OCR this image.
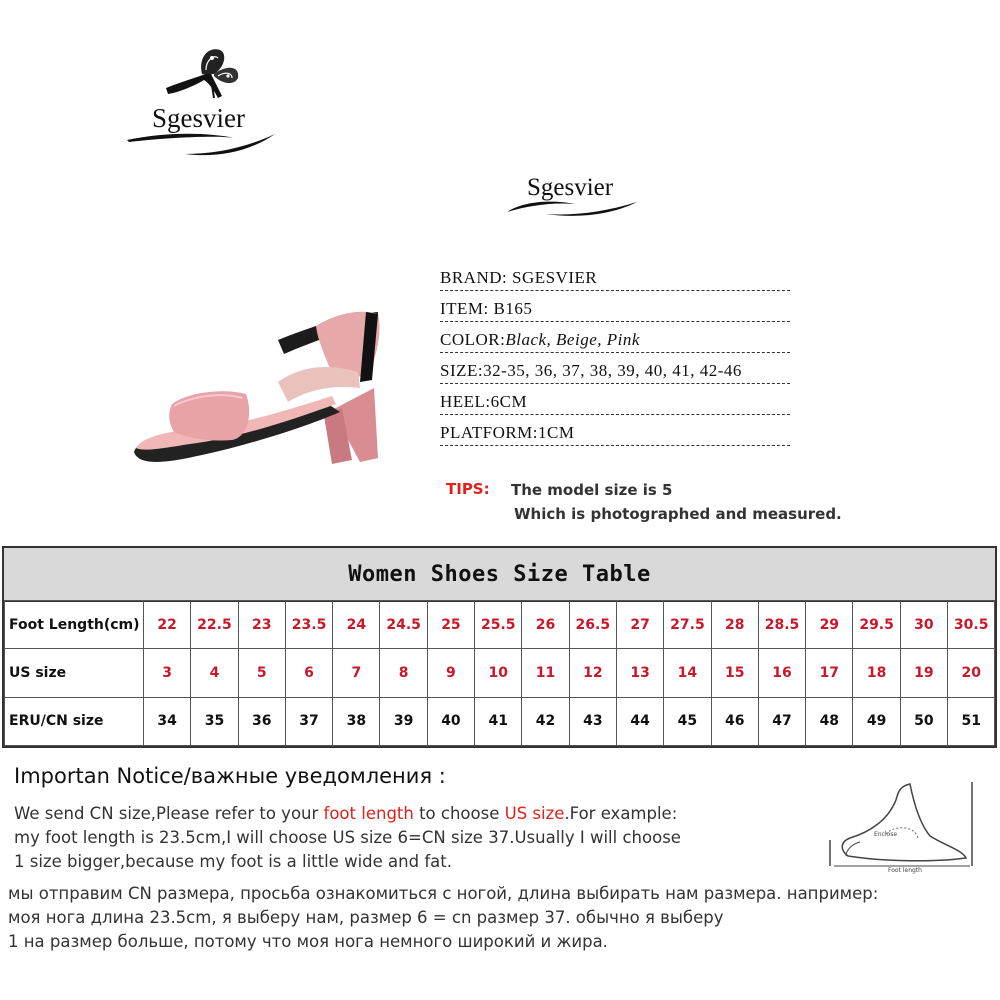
Sgesvier
Sgesvier
BRAND: SGESVIER
ITEM: B165
COLOR:Black, Beige, Pink
SIZE:32-35, 36, 37, 38, 39, 40, 41, 42-46
HEEL:6CM
PLATFORM:1CM
TIPS: The model size is 5
Which is photographed and measured.
Women Shoes Size Table
Foot Length(cm)	22	22.5	23	23.5	24	24.5	25	25.5	26	26.5	27	27.5	28	28.5	29	29.5	30	30.5
US size	3	4	5	6	7	8	9	10	11	12	13	14	15	16	17	18	19	20
ERU/CN size	34	35	36	37	38	39	40	41	42	43	44	45	46	47	48	49	50	51
Importan Notice/важные уведомления :
We send CN size,Please refer to your foot length to choose US size.For example:
my foot length is 23.5cm,I will choose US size 6=CN size 37.Usually I will choose
1 size bigger,because my foot is a little wide and fat.
мы отправим CN размера, просьба ознакомиться с ногой, длина выбирать нам размера. например:
моя нога длина 23.5cm, я выберу нам, размер 6 = cn размер 37. обычно я выберу
1 на размер больше, потому что моя нога немного широкий и жира.
Enclose
Foot length
